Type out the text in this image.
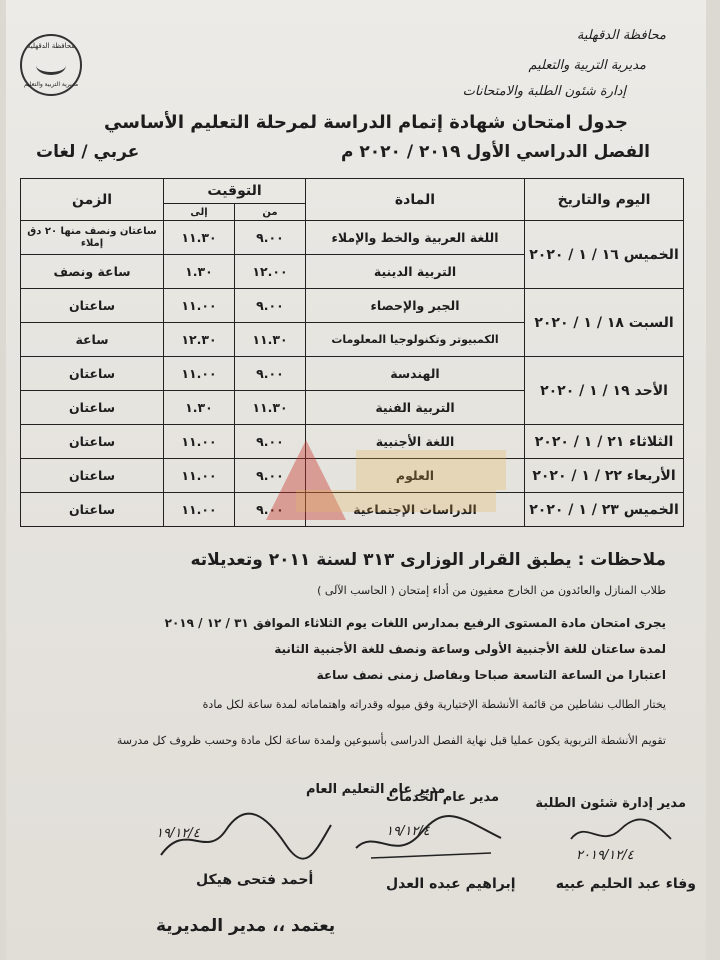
محافظة الدقهلية
مديرية التربية والتعليم
محافظة الدقهلية
مديرية التربية والتعليم
إدارة شئون الطلبة والامتحانات
جدول امتحان شهادة إتمام الدراسة لمرحلة التعليم الأساسي
الفصل الدراسي الأول ٢٠١٩ / ٢٠٢٠ م
عربي / لغات
اليوم والتاريخ	المادة	التوقيت		الزمن
		من	إلى	
الخميس ١٦ / ١ / ٢٠٢٠	اللغة العربية والخط والإملاء	٩.٠٠	١١.٣٠	ساعتان ونصف منها ٢٠ دق إملاء
	التربية الدينية	١٢.٠٠	١.٣٠	ساعة ونصف
السبت ١٨ / ١ / ٢٠٢٠	الجبر والإحصاء	٩.٠٠	١١.٠٠	ساعتان
	الكمبيوتر وتكنولوجيا المعلومات	١١.٣٠	١٢.٣٠	ساعة
الأحد ١٩ / ١ / ٢٠٢٠	الهندسة	٩.٠٠	١١.٠٠	ساعتان
	التربية الفنية	١١.٣٠	١.٣٠	ساعتان
الثلاثاء ٢١ / ١ / ٢٠٢٠	اللغة الأجنبية	٩.٠٠	١١.٠٠	ساعتان
الأربعاء ٢٢ / ١ / ٢٠٢٠	العلوم	٩.٠٠	١١.٠٠	ساعتان
الخميس ٢٣ / ١ / ٢٠٢٠	الدراسات الإجتماعية	٩.٠٠	١١.٠٠	ساعتان
ملاحظات : يطبق القرار الوزارى ٣١٣ لسنة ٢٠١١ وتعديلاته
طلاب المنازل والعائدون من الخارج معفيون من أداء إمتحان ( الحاسب الآلى )
يجرى امتحان مادة المستوى الرفيع بمدارس اللغات يوم الثلاثاء الموافق ٣١ / ١٢ / ٢٠١٩
لمدة ساعتان للغة الأجنبية الأولى وساعة ونصف للغة الأجنبية الثانية
اعتبارا من الساعة التاسعة صباحا وبفاصل زمنى نصف ساعة
يختار الطالب نشاطين من قائمة الأنشطة الإختيارية وفق ميوله وقدراته واهتماماته لمدة ساعة لكل مادة
تقويم الأنشطة التربوية يكون عمليا قبل نهاية الفصل الدراسى بأسبوعين ولمدة ساعة لكل مادة وحسب ظروف كل مدرسة
مدير عام التعليم العام
مدير عام الخدمات	مدير إدارة شئون الطلبة
١٩/١٢/٤	١٩/١٢/٤
٢٠١٩/١٢/٤
أحمد فتحى هيكل	إبراهيم عبده العدل	وفاء عبد الحليم عبيه
يعتمد ،، مدير المديرية
